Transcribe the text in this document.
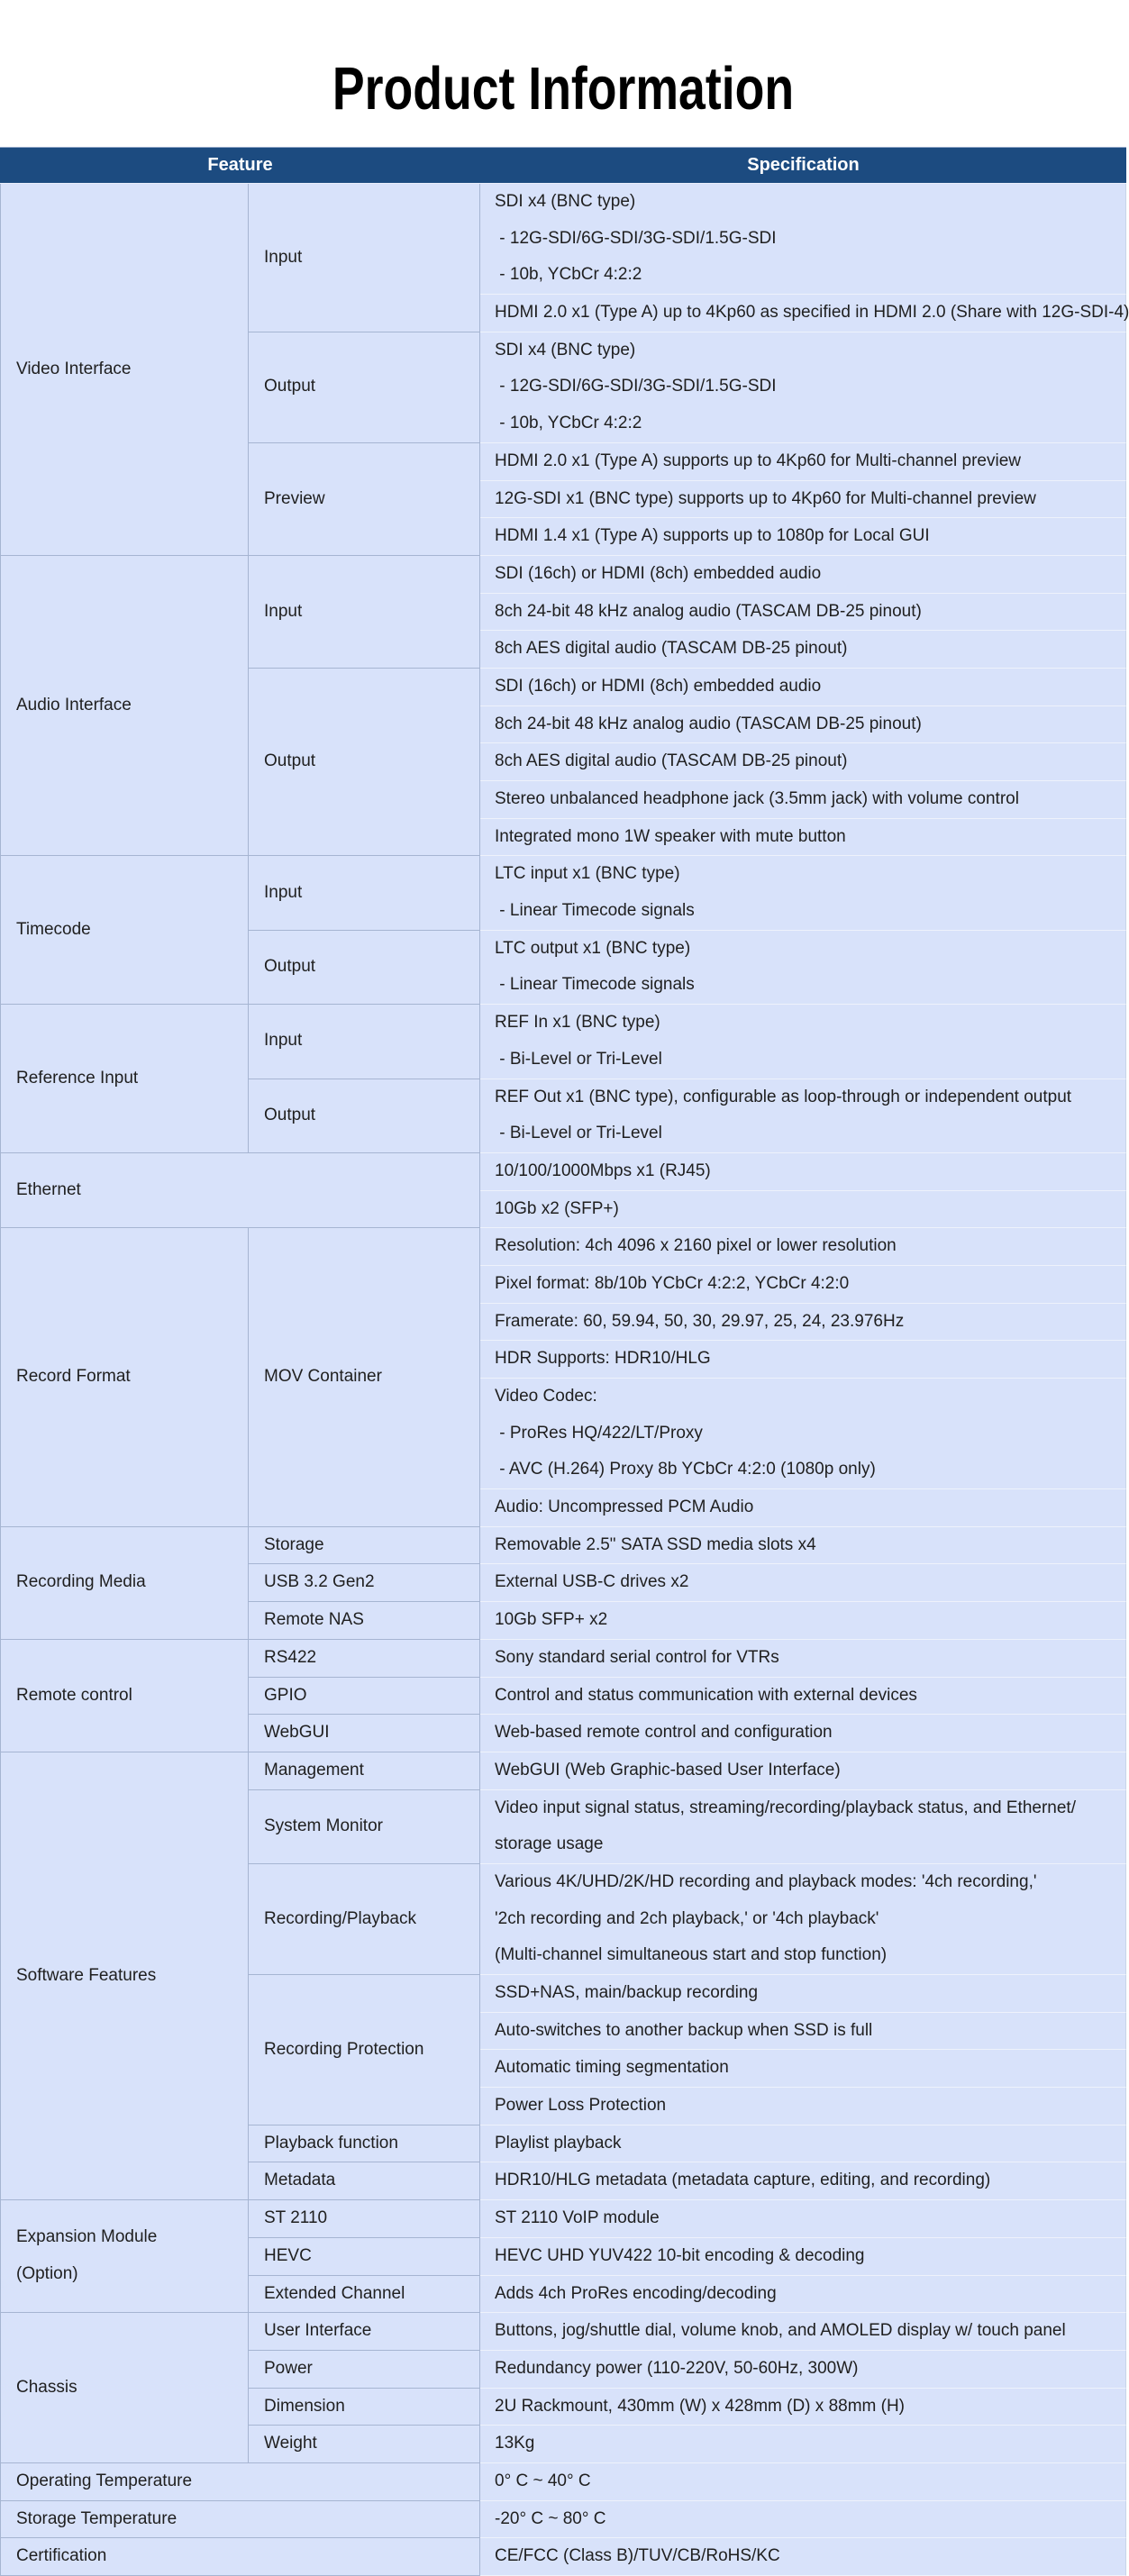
Product Information
Feature		Specification

Video Interface	Input	SDI x4 (BNC type)
- 12G-SDI/6G-SDI/3G-SDI/1.5G-SDI
- 10b, YCbCr 4:2:2

		HDMI 2.0 x1 (Type A) up to 4Kp60 as specified in HDMI 2.0 (Share with 12G-SDI-4)

	Output	SDI x4 (BNC type)
- 12G-SDI/6G-SDI/3G-SDI/1.5G-SDI
- 10b, YCbCr 4:2:2

	Preview	HDMI 2.0 x1 (Type A) supports up to 4Kp60 for Multi-channel preview

		12G-SDI x1 (BNC type) supports up to 4Kp60 for Multi-channel preview

		HDMI 1.4 x1 (Type A) supports up to 1080p for Local GUI

Audio Interface	Input	SDI (16ch) or HDMI (8ch) embedded audio

		8ch 24-bit 48 kHz analog audio (TASCAM DB-25 pinout)

		8ch AES digital audio (TASCAM DB-25 pinout)

	Output	SDI (16ch) or HDMI (8ch) embedded audio

		8ch 24-bit 48 kHz analog audio (TASCAM DB-25 pinout)

		8ch AES digital audio (TASCAM DB-25 pinout)

		Stereo unbalanced headphone jack (3.5mm jack) with volume control

		Integrated mono 1W speaker with mute button

Timecode	Input	LTC input x1 (BNC type)
- Linear Timecode signals

	Output	LTC output x1 (BNC type)
- Linear Timecode signals

Reference Input	Input	REF In x1 (BNC type)
- Bi-Level or Tri-Level

	Output	REF Out x1 (BNC type), configurable as loop-through or independent output
- Bi-Level or Tri-Level

Ethernet		10/100/1000Mbps x1 (RJ45)

		10Gb x2 (SFP+)

Record Format	MOV Container	Resolution: 4ch 4096 x 2160 pixel or lower resolution

		Pixel format: 8b/10b YCbCr 4:2:2, YCbCr 4:2:0

		Framerate: 60, 59.94, 50, 30, 29.97, 25, 24, 23.976Hz

		HDR Supports: HDR10/HLG

		Video Codec:
- ProRes HQ/422/LT/Proxy
- AVC (H.264) Proxy 8b YCbCr 4:2:0 (1080p only)

		Audio: Uncompressed PCM Audio

Recording Media	Storage	Removable 2.5" SATA SSD media slots x4

	USB 3.2 Gen2	External USB-C drives x2

	Remote NAS	10Gb SFP+ x2

Remote control	RS422	Sony standard serial control for VTRs

	GPIO	Control and status communication with external devices

	WebGUI	Web-based remote control and configuration

Software Features	Management	WebGUI (Web Graphic-based User Interface)

	System Monitor	Video input signal status, streaming/recording/playback status, and Ethernet/
storage usage

	Recording/Playback	Various 4K/UHD/2K/HD recording and playback modes: '4ch recording,'
'2ch recording and 2ch playback,' or '4ch playback'
(Multi-channel simultaneous start and stop function)

	Recording Protection	SSD+NAS, main/backup recording

		Auto-switches to another backup when SSD is full

		Automatic timing segmentation

		Power Loss Protection

	Playback function	Playlist playback

	Metadata	HDR10/HLG metadata (metadata capture, editing, and recording)

Expansion Module
(Option)	ST 2110	ST 2110 VoIP module

	HEVC	HEVC UHD YUV422 10-bit encoding & decoding

	Extended Channel	Adds 4ch ProRes encoding/decoding

Chassis	User Interface	Buttons, jog/shuttle dial, volume knob, and AMOLED display w/ touch panel

	Power	Redundancy power (110-220V, 50-60Hz, 300W)

	Dimension	2U Rackmount, 430mm (W) x 428mm (D) x 88mm (H)

	Weight	13Kg

Operating Temperature		0° C ~ 40° C

Storage Temperature		-20° C ~ 80° C

Certification		CE/FCC (Class B)/TUV/CB/RoHS/KC
